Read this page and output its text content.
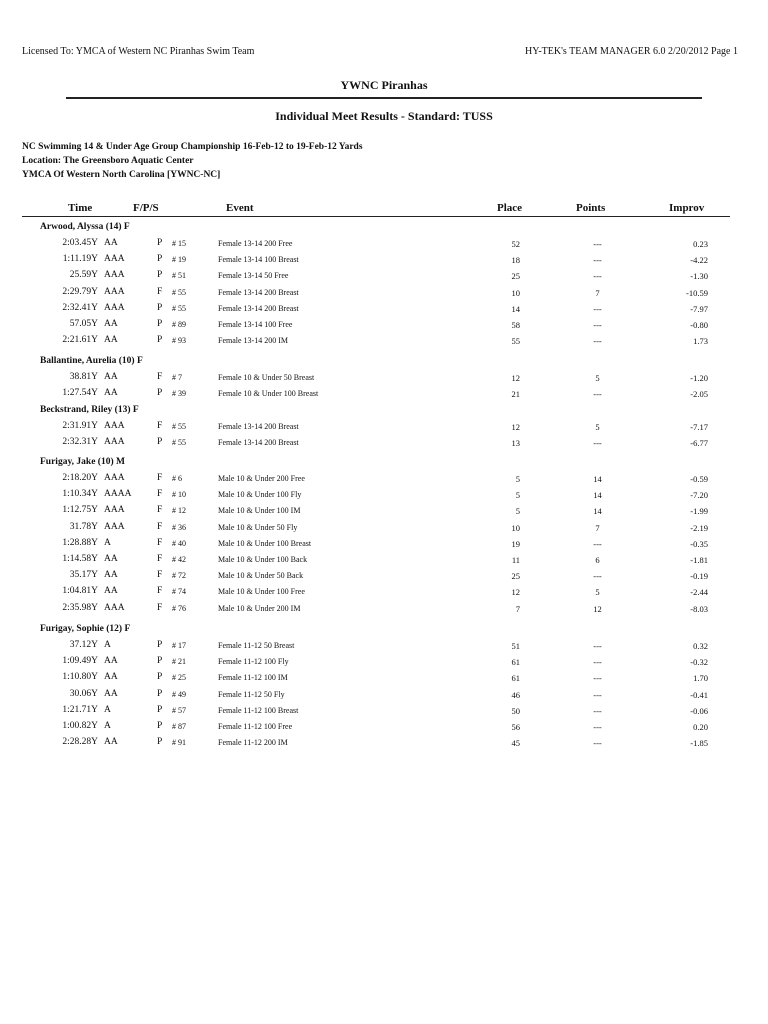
Licensed To: YMCA of Western NC Piranhas Swim Team	HY-TEK's TEAM MANAGER 6.0 2/20/2012 Page 1
YWNC Piranhas
Individual Meet Results - Standard: TUSS
NC Swimming 14 & Under Age Group Championship 16-Feb-12 to 19-Feb-12 Yards
Location: The Greensboro Aquatic Center
YMCA Of Western North Carolina [YWNC-NC]
Time	F/P/S	Event	Place	Points	Improv
Arwood, Alyssa (14) F
2:03.45Y AA	P # 15	Female 13-14 200 Free	52	---	0.23
1:11.19Y AAA	P # 19	Female 13-14 100 Breast	18	---	-4.22
25.59Y AAA	P # 51	Female 13-14 50 Free	25	---	-1.30
2:29.79Y AAA	F # 55	Female 13-14 200 Breast	10	7	-10.59
2:32.41Y AAA	P # 55	Female 13-14 200 Breast	14	---	-7.97
57.05Y AA	P # 89	Female 13-14 100 Free	58	---	-0.80
2:21.61Y AA	P # 93	Female 13-14 200 IM	55	---	1.73
Ballantine, Aurelia (10) F
38.81Y AA	F # 7	Female 10 & Under 50 Breast	12	5	-1.20
1:27.54Y AA	P # 39	Female 10 & Under 100 Breast	21	---	-2.05
Beckstrand, Riley (13) F
2:31.91Y AAA	F # 55	Female 13-14 200 Breast	12	5	-7.17
2:32.31Y AAA	P # 55	Female 13-14 200 Breast	13	---	-6.77
Furigay, Jake (10) M
2:18.20Y AAA	F # 6	Male 10 & Under 200 Free	5	14	-0.59
1:10.34Y AAAA	F # 10	Male 10 & Under 100 Fly	5	14	-7.20
1:12.75Y AAA	F # 12	Male 10 & Under 100 IM	5	14	-1.99
31.78Y AAA	F # 36	Male 10 & Under 50 Fly	10	7	-2.19
1:28.88Y A	F # 40	Male 10 & Under 100 Breast	19	---	-0.35
1:14.58Y AA	F # 42	Male 10 & Under 100 Back	11	6	-1.81
35.17Y AA	F # 72	Male 10 & Under 50 Back	25	---	-0.19
1:04.81Y AA	F # 74	Male 10 & Under 100 Free	12	5	-2.44
2:35.98Y AAA	F # 76	Male 10 & Under 200 IM	7	12	-8.03
Furigay, Sophie (12) F
37.12Y A	P # 17	Female 11-12 50 Breast	51	---	0.32
1:09.49Y AA	P # 21	Female 11-12 100 Fly	61	---	-0.32
1:10.80Y AA	P # 25	Female 11-12 100 IM	61	---	1.70
30.06Y AA	P # 49	Female 11-12 50 Fly	46	---	-0.41
1:21.71Y A	P # 57	Female 11-12 100 Breast	50	---	-0.06
1:00.82Y A	P # 87	Female 11-12 100 Free	56	---	0.20
2:28.28Y AA	P # 91	Female 11-12 200 IM	45	---	-1.85
